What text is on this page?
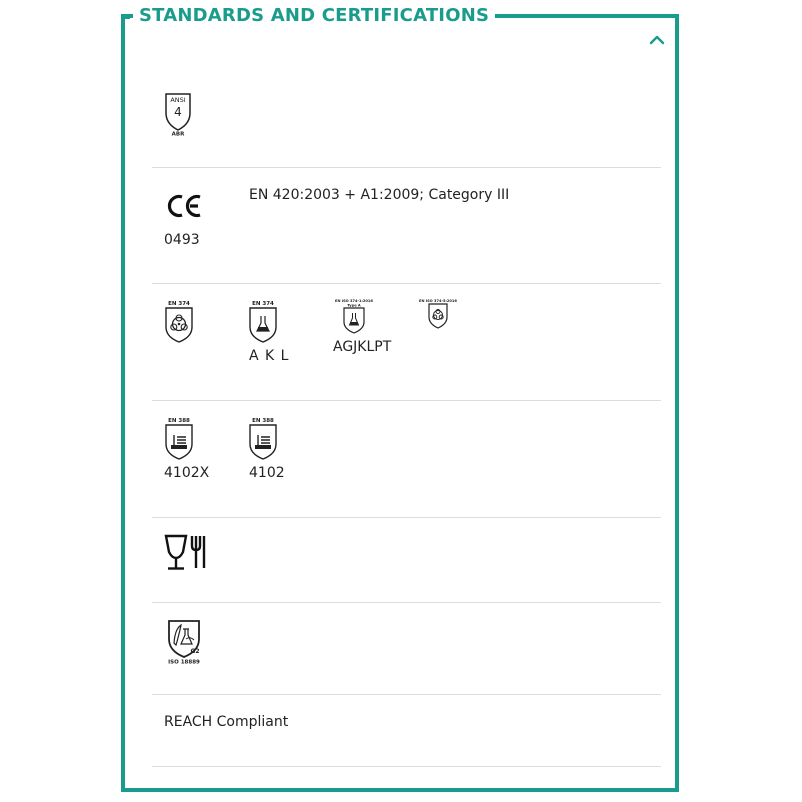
STANDARDS AND CERTIFICATIONS
ANSI
4
ABR
0493
EN 420:2003 + A1:2009; Category III
EN 374	EN 374
A K L
EN ISO 374-1:2016
Type A
AGJKLPT
EN ISO 374-5:2016
EN 388
4102X
EN 388
4102
G2
ISO 18889
REACH Compliant
